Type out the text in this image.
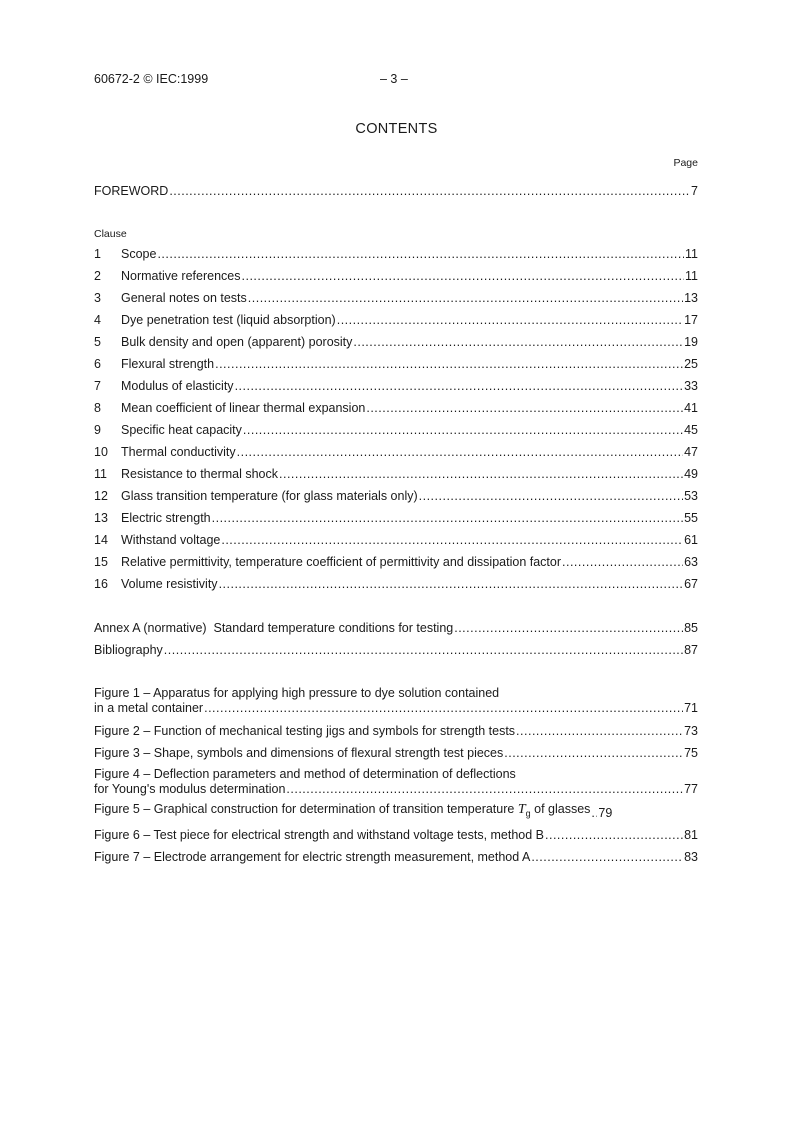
60672-2 © IEC:1999	– 3 –
CONTENTS
Page
FOREWORD .....	7
Clause
1	Scope .....	11
2	Normative references .....	11
3	General notes on tests .....	13
4	Dye penetration test (liquid absorption) .....	17
5	Bulk density and open (apparent) porosity .....	19
6	Flexural strength .....	25
7	Modulus of elasticity .....	33
8	Mean coefficient of linear thermal expansion .....	41
9	Specific heat capacity .....	45
10	Thermal conductivity .....	47
11	Resistance to thermal shock .....	49
12	Glass transition temperature (for glass materials only) .....	53
13	Electric strength .....	55
14	Withstand voltage .....	61
15	Relative permittivity, temperature coefficient of permittivity and dissipation factor .....	63
16	Volume resistivity .....	67
Annex A (normative)  Standard temperature conditions for testing .....	85
Bibliography .....	87
Figure 1 – Apparatus for applying high pressure to dye solution contained
in a metal container .....	71
Figure 2 – Function of mechanical testing jigs and symbols for strength tests .....	73
Figure 3 – Shape, symbols and dimensions of flexural strength test pieces .....	75
Figure 4 – Deflection parameters and method of determination of deflections
for Young's modulus determination .....	77
Figure 5 – Graphical construction for determination of transition temperature $T_g$ of glasses ..... 79
Figure 6 – Test piece for electrical strength and withstand voltage tests, method B .....	81
Figure 7 – Electrode arrangement for electric strength measurement, method A .....	83
